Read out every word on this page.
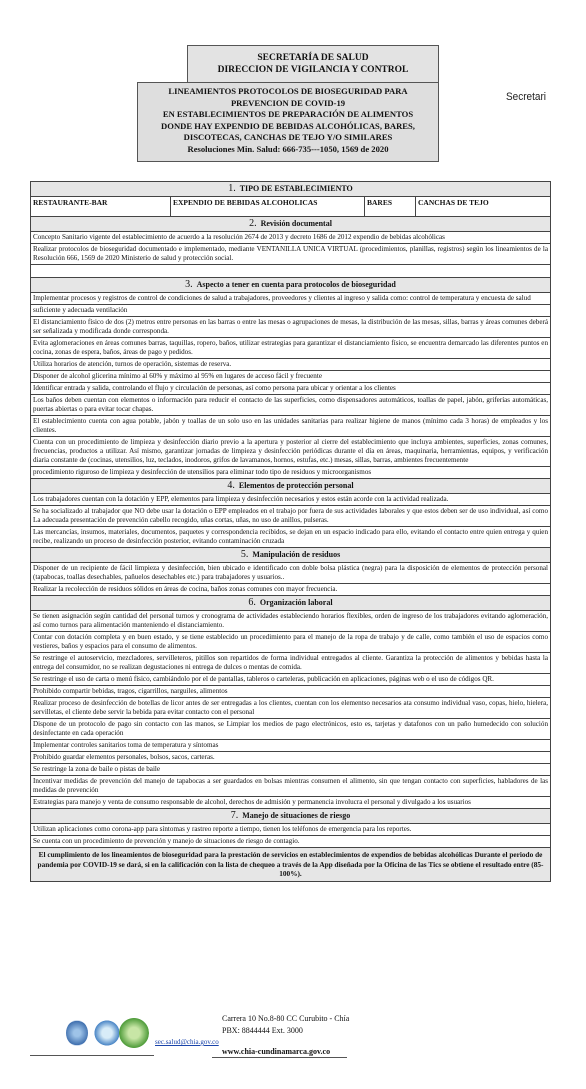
SECRETARÍA DE SALUD
DIRECCION DE VIGILANCIA Y CONTROL
LINEAMIENTOS PROTOCOLOS DE BIOSEGURIDAD PARA
PREVENCION DE COVID-19
EN ESTABLECIMIENTOS DE PREPARACIÓN DE ALIMENTOS
DONDE HAY EXPENDIO DE BEBIDAS ALCOHÓLICAS, BARES,
DISCOTECAS, CANCHAS DE TEJO Y/O SIMILARES
Resoluciones Min. Salud: 666-735---1050, 1569 de 2020
Secretari
1. TIPO DE ESTABLECIMIENTO
RESTAURANTE-BAR	EXPENDIO DE BEBIDAS ALCOHOLICAS	BARES	CANCHAS DE TEJO
2. Revisión documental
Concepto Sanitario vigente del establecimiento de acuerdo a la resolución 2674 de 2013 y decreto 1686 de 2012 expendio de bebidas alcohólicas
Realizar protocolos de bioseguridad documentado e implementado, mediante VENTANILLA UNICA VIRTUAL (procedimientos, planillas, registros) según los lineamientos de la Resolución 666, 1569 de 2020 Ministerio de salud y protección social.
3. Aspecto a tener en cuenta para protocolos de bioseguridad
Implementar procesos y registros de control de condiciones de salud a trabajadores, proveedores y clientes al ingreso y salida como: control de temperatura y encuesta de salud
suficiente y adecuada ventilación
El distanciamiento físico de dos (2) metros entre personas en las barras o entre las mesas o agrupaciones de mesas, la distribución de las mesas, sillas, barras y áreas comunes deberá ser señalizada y modificada donde corresponda.
Evita aglomeraciones en áreas comunes barras, taquillas, ropero, baños, utilizar estrategias para garantizar el distanciamiento físico, se encuentra demarcado las diferentes puntos en cocina, zonas de espera, baños, áreas de pago y pedidos.
Utiliza horarios de atención, turnos de operación, sistemas de reserva.
Disponer de alcohol glicerina mínimo al 60% y máximo al 95% en lugares de acceso fácil y frecuente
Identificar entrada y salida, controlando el flujo y circulación de personas, así como persona para ubicar y orientar a los clientes
Los baños deben cuentan con elementos o información para reducir el contacto de las superficies, como dispensadores automáticos, toallas de papel, jabón, griferías automáticas, puertas abiertas o para evitar tocar chapas.
El establecimiento cuenta con agua potable, jabón y toallas de un solo uso en las unidades sanitarias para realizar higiene de manos (mínimo cada 3 horas) de empleados y los clientes.
Cuenta con un procedimiento de limpieza y desinfección diario previo a la apertura y posterior al cierre del establecimiento que incluya ambientes, superficies, zonas comunes, frecuencias, productos a utilizar. Así mismo, garantizar jornadas de limpieza y desinfección periódicas durante el día en áreas, maquinaria, herramientas, equipos, y verificación diaria constante de (cocinas, utensilios, luz, teclados, inodoros, grifos de lavamanos, hornos, estufas, etc.) mesas, sillas, barras, ambientes frecuentemente
procedimiento riguroso de limpieza y desinfección de utensilios para eliminar todo tipo de residuos y microorganismos
4. Elementos de protección personal
Los trabajadores cuentan con la dotación y EPP, elementos para limpieza y desinfección necesarios y estos están acorde con la actividad realizada.
Se ha socializado al trabajador que NO debe usar la dotación o EPP empleados en el trabajo por fuera de sus actividades laborales y que estos deben ser de uso individual, así como La adecuada presentación de prevención cabello recogido, uñas cortas, uñas, no uso de anillos, pulseras.
Las mercancías, insumos, materiales, documentos, paquetes y correspondencia recibidos, se dejan en un espacio indicado para ello, evitando el contacto entre quien entrega y quien recibe, realizando un proceso de desinfección posterior, evitando contaminación cruzada
5. Manipulación de residuos
Disponer de un recipiente de fácil limpieza y desinfección, bien ubicado e identificado con doble bolsa plástica (negra) para la disposición de elementos de protección personal (tapabocas, toallas desechables, pañuelos desechables etc.) para trabajadores y usuarios..
Realizar la recolección de residuos sólidos en áreas de cocina, baños zonas comunes con mayor frecuencia.
6. Organización laboral
Se tienen asignación según cantidad del personal turnos y cronograma de actividades estableciendo horarios flexibles, orden de ingreso de los trabajadores evitando aglomeración, así como turnos para alimentación manteniendo el distanciamiento.
Contar con dotación completa y en buen estado, y se tiene establecido un procedimiento para el manejo de la ropa de trabajo y de calle, como también el uso de espacios como vestieres, baños y espacios para el consumo de alimentos.
Se restringe el autoservicio, mezcladores, servilleteros, pitillos son repartidos de forma individual entregados al cliente. Garantiza la protección de alimentos y bebidas hasta la entrega del consumidor, no se realizan degustaciones ni entrega de dulces o mentas de comida.
Se restringe el uso de carta o menú físico, cambiándolo por el de pantallas, tableros o carteleras, publicación en aplicaciones, páginas web o el uso de códigos QR.
Prohibido compartir bebidas, tragos, cigarrillos, narguiles, alimentos
Realizar proceso de desinfección de botellas de licor antes de ser entregadas a los clientes, cuentan con los elementso necesarios ata consumo individual vaso, copas, hielo, hielera, servilletas, el cliente debe servir la bebida para evitar contacto con el personal
Dispone de un protocolo de pago sin contacto con las manos, se Limpiar los medios de pago electrónicos, esto es, tarjetas y datafonos con un paño humedecido con solución desinfectante en cada operación
Implementar controles sanitarios toma de temperatura y síntomas
Prohibido guardar elementos personales, bolsos, sacos, carteras.
Se restringe la zona de baile o pistas de baile
Incentivar medidas de prevención del manejo de tapabocas a ser guardados en bolsas mientras consumen el alimento, sin que tengan contacto con superficies, habladores de las medidas de prevención
Estrategias para manejo y venta de consumo responsable de alcohol, derechos de admisión y permanencia involucra el personal y divulgado a los usuarios
7. Manejo de situaciones de riesgo
Utilizan aplicaciones como corona-app para síntomas y rastreo reporte a tiempo, tienen los teléfonos de emergencia para los reportes.
Se cuenta con un procedimiento de prevención y manejo de situaciones de riesgo de contagio.
El cumplimiento de los lineamientos de bioseguridad para la prestación de servicios en establecimientos de expendios de bebidas alcohólicas Durante el periodo de pandemia por COVID-19 se dará, si en la calificación con la lista de chequeo a través de la App diseñada por la Oficina de las Tics se obtiene el resultado entre (85-100%).
Carrera 10 No.8-80 CC Curubito - Chía
PBX: 8844444 Ext. 3000
sec.salud@chia.gov.co
www.chia-cundinamarca.gov.co
